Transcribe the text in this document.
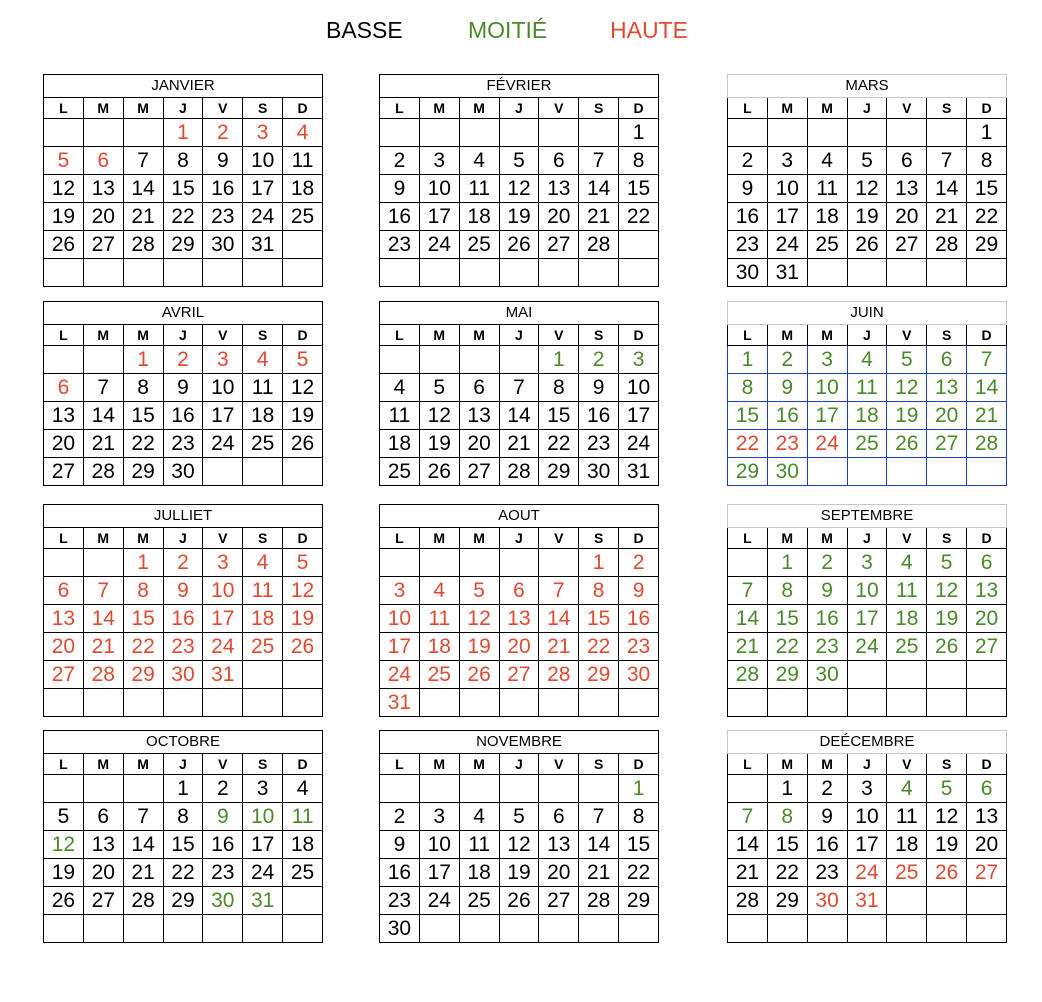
BASSE	MOITIÉ	HAUTE
JANVIER						
L	M	M	J	V	S	D
			1	2	3	4
5	6	7	8	9	10	11
12	13	14	15	16	17	18
19	20	21	22	23	24	25
26	27	28	29	30	31	

FÉVRIER						
L	M	M	J	V	S	D
						1
2	3	4	5	6	7	8
9	10	11	12	13	14	15
16	17	18	19	20	21	22
23	24	25	26	27	28	

MARS						
L	M	M	J	V	S	D
						1
2	3	4	5	6	7	8
9	10	11	12	13	14	15
16	17	18	19	20	21	22
23	24	25	26	27	28	29
30	31					
AVRIL						
L	M	M	J	V	S	D
		1	2	3	4	5
6	7	8	9	10	11	12
13	14	15	16	17	18	19
20	21	22	23	24	25	26
27	28	29	30			
MAI						
L	M	M	J	V	S	D
				1	2	3
4	5	6	7	8	9	10
11	12	13	14	15	16	17
18	19	20	21	22	23	24
25	26	27	28	29	30	31
JUIN						
L	M	M	J	V	S	D
1	2	3	4	5	6	7
8	9	10	11	12	13	14
15	16	17	18	19	20	21
22	23	24	25	26	27	28
29	30					
JULLIET						
L	M	M	J	V	S	D
		1	2	3	4	5
6	7	8	9	10	11	12
13	14	15	16	17	18	19
20	21	22	23	24	25	26
27	28	29	30	31		

AOUT						
L	M	M	J	V	S	D
					1	2
3	4	5	6	7	8	9
10	11	12	13	14	15	16
17	18	19	20	21	22	23
24	25	26	27	28	29	30
31						
SEPTEMBRE						
L	M	M	J	V	S	D
	1	2	3	4	5	6
7	8	9	10	11	12	13
14	15	16	17	18	19	20
21	22	23	24	25	26	27
28	29	30				

OCTOBRE						
L	M	M	J	V	S	D
			1	2	3	4
5	6	7	8	9	10	11
12	13	14	15	16	17	18
19	20	21	22	23	24	25
26	27	28	29	30	31	

NOVEMBRE						
L	M	M	J	V	S	D
						1
2	3	4	5	6	7	8
9	10	11	12	13	14	15
16	17	18	19	20	21	22
23	24	25	26	27	28	29
30						
DEÉCEMBRE						
L	M	M	J	V	S	D
	1	2	3	4	5	6
7	8	9	10	11	12	13
14	15	16	17	18	19	20
21	22	23	24	25	26	27
28	29	30	31			
